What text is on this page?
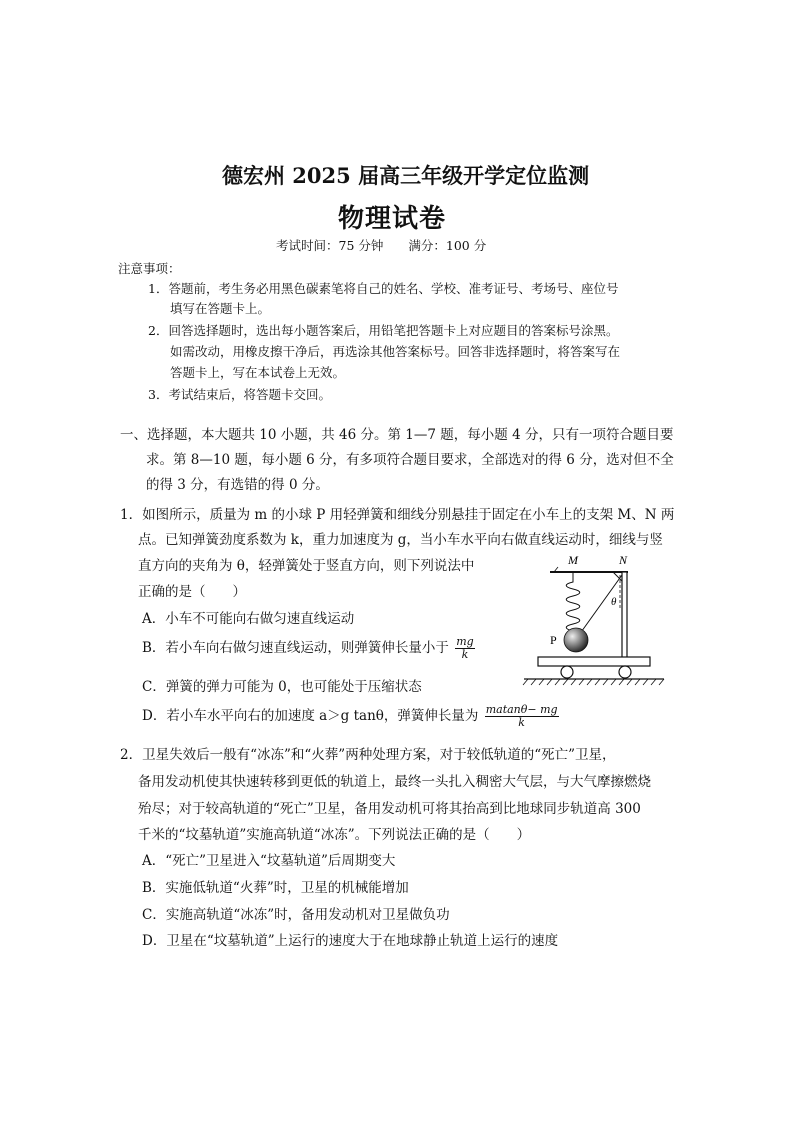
德宏州 2025 届高三年级开学定位监测
物理试卷
考试时间：75 分钟　　满分：100 分
注意事项：
1．答题前，考生务必用黑色碳素笔将自己的姓名、学校、准考证号、考场号、座位号
填写在答题卡上。
2．回答选择题时，选出每小题答案后，用铅笔把答题卡上对应题目的答案标号涂黑。
如需改动，用橡皮擦干净后，再选涂其他答案标号。回答非选择题时，将答案写在
答题卡上，写在本试卷上无效。
3．考试结束后，将答题卡交回。
一、选择题，本大题共 10 小题，共 46 分。第 1—7 题，每小题 4 分，只有一项符合题目要
求。第 8—10 题，每小题 6 分，有多项符合题目要求，全部选对的得 6 分，选对但不全
的得 3 分，有选错的得 0 分。
1．如图所示，质量为 m 的小球 P 用轻弹簧和细线分别悬挂于固定在小车上的支架 M、N 两
点。已知弹簧劲度系数为 k，重力加速度为 g，当小车水平向右做直线运动时，细线与竖
直方向的夹角为 θ，轻弹簧处于竖直方向，则下列说法中
正确的是（　　）
A．小车不可能向右做匀速直线运动
B．若小车向右做匀速直线运动，则弹簧伸长量小于 $\frac{mg}{k}$
C．弹簧的弹力可能为 0，也可能处于压缩状态
D．若小车水平向右的加速度 a＞g tanθ，弹簧伸长量为 $\frac{matan\theta- mg}{k}$
M	N
θ
P
2．卫星失效后一般有“冰冻”和“火葬”两种处理方案，对于较低轨道的“死亡”卫星，
备用发动机使其快速转移到更低的轨道上，最终一头扎入稠密大气层，与大气摩擦燃烧
殆尽；对于较高轨道的“死亡”卫星，备用发动机可将其抬高到比地球同步轨道高 300
千米的“坟墓轨道”实施高轨道“冰冻”。下列说法正确的是（　　）
A．“死亡”卫星进入“坟墓轨道”后周期变大
B．实施低轨道“火葬”时，卫星的机械能增加
C．实施高轨道“冰冻”时，备用发动机对卫星做负功
D．卫星在“坟墓轨道”上运行的速度大于在地球静止轨道上运行的速度
